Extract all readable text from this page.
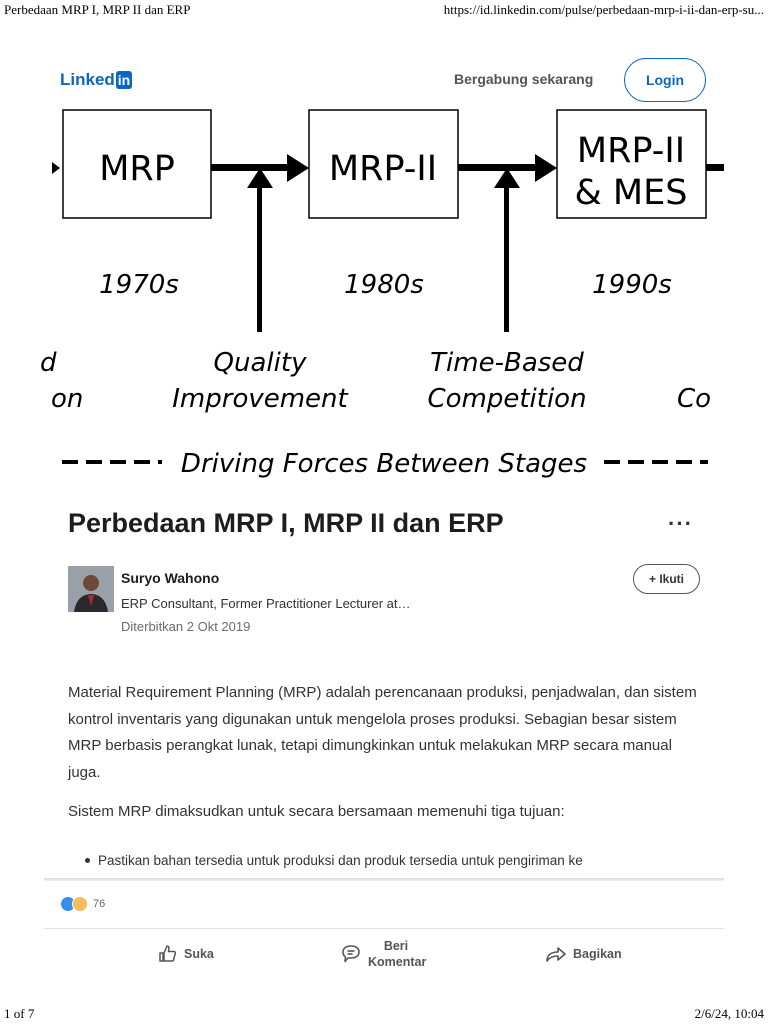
Perbedaan MRP I, MRP II dan ERP	https://id.linkedin.com/pulse/perbedaan-mrp-i-ii-dan-erp-su...
Linked in	Bergabung sekarang	Login
MRP	MRP-II	MRP-II
& MES
1970s	1980s	1990s
d
on
Quality
Improvement
Time-Based
Competition	Co
Driving Forces Between Stages
Perbedaan MRP I, MRP II dan ERP	···
Suryo Wahono
ERP Consultant, Former Practitioner Lecturer at…
Diterbitkan 2 Okt 2019
+ Ikuti

Material Requirement Planning (MRP) adalah perencanaan produksi, penjadwalan, dan sistem kontrol inventaris yang digunakan untuk mengelola proses produksi. Sebagian besar sistem MRP berbasis perangkat lunak, tetapi dimungkinkan untuk melakukan MRP secara manual juga.

Sistem MRP dimaksudkan untuk secara bersamaan memenuhi tiga tujuan:

Pastikan bahan tersedia untuk produksi dan produk tersedia untuk pengiriman ke
76
Suka
Beri
Komentar
Bagikan
1 of 7	2/6/24, 10:04
